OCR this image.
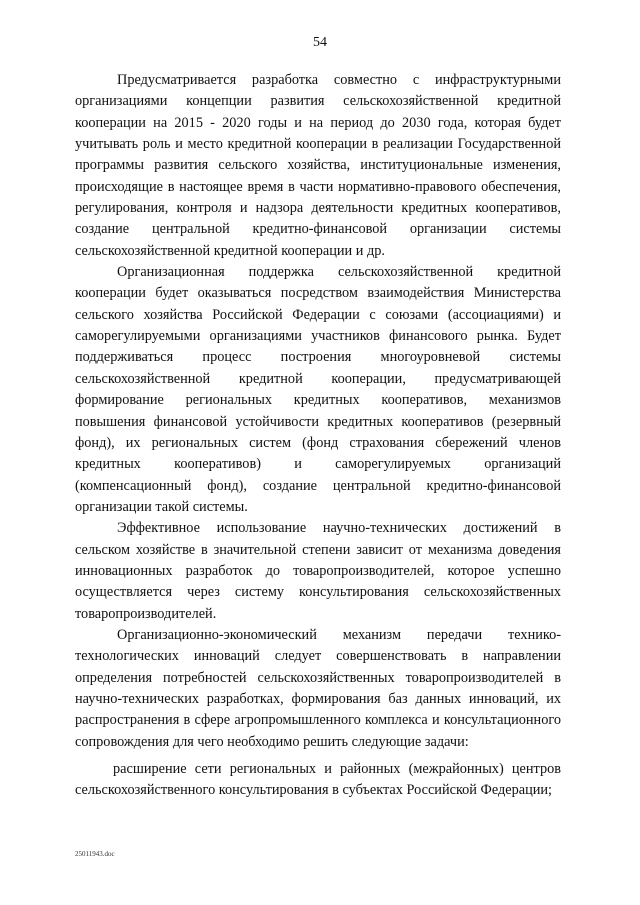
54

Предусматривается разработка совместно с инфраструктурными организациями концепции развития сельскохозяйственной кредитной кооперации на 2015 - 2020 годы и на период до 2030 года, которая будет учитывать роль и место кредитной кооперации в реализации Государственной программы развития сельского хозяйства, институциональные изменения, происходящие в настоящее время в части нормативно-правового обеспечения, регулирования, контроля и надзора деятельности кредитных кооперативов, создание центральной кредитно-финансовой организации системы сельскохозяйственной кредитной кооперации и др.

Организационная поддержка сельскохозяйственной кредитной кооперации будет оказываться посредством взаимодействия Министерства сельского хозяйства Российской Федерации с союзами (ассоциациями) и саморегулируемыми организациями участников финансового рынка. Будет поддерживаться процесс построения многоуровневой системы сельскохозяйственной кредитной кооперации, предусматривающей формирование региональных кредитных кооперативов, механизмов повышения финансовой устойчивости кредитных кооперативов (резервный фонд), их региональных систем (фонд страхования сбережений членов кредитных кооперативов) и саморегулируемых организаций (компенсационный фонд), создание центральной кредитно-финансовой организации такой системы.

Эффективное использование научно-технических достижений в сельском хозяйстве в значительной степени зависит от механизма доведения инновационных разработок до товаропроизводителей, которое успешно осуществляется через систему консультирования сельскохозяйственных товаропроизводителей.

Организационно-экономический механизм передачи технико-технологических инноваций следует совершенствовать в направлении определения потребностей сельскохозяйственных товаропроизводителей в научно-технических разработках, формирования баз данных инноваций, их распространения в сфере агропромышленного комплекса и консультационного сопровождения для чего необходимо решить следующие задачи:

расширение сети региональных и районных (межрайонных) центров сельскохозяйственного консультирования в субъектах Российской Федерации;

25011943.doc
